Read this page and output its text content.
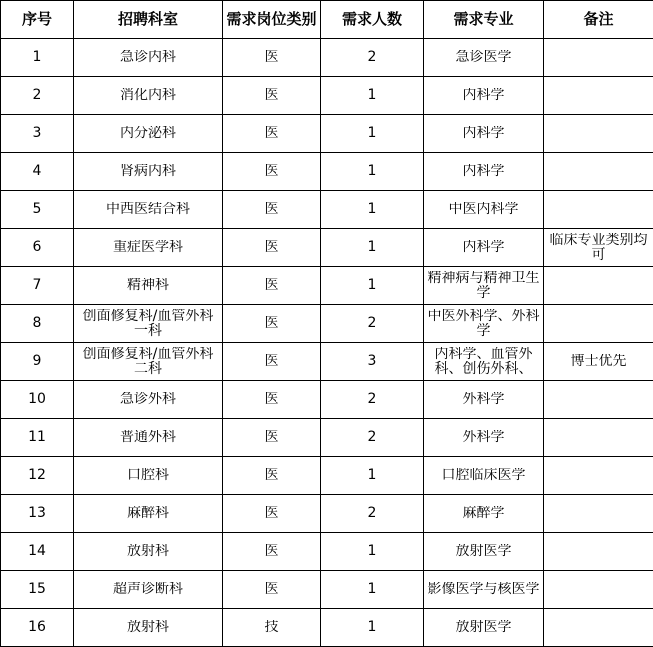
序号	招聘科室	需求岗位类别	需求人数	需求专业	备注

1	急诊内科	医	2	急诊医学	

2	消化内科	医	1	内科学	

3	内分泌科	医	1	内科学	

4	肾病内科	医	1	内科学	

5	中西医结合科	医	1	中医内科学	

6	重症医学科	医	1	内科学	临床专业类别均可

7	精神科	医	1	精神病与精神卫生学	

8	创面修复科/血管外科一科	医	2	中医外科学、外科学	

9	创面修复科/血管外科二科	医	3	内科学、血管外科、创伤外科、	博士优先

10	急诊外科	医	2	外科学	

11	普通外科	医	2	外科学	

12	口腔科	医	1	口腔临床医学	

13	麻醉科	医	2	麻醉学	

14	放射科	医	1	放射医学	

15	超声诊断科	医	1	影像医学与核医学	

16	放射科	技	1	放射医学	
